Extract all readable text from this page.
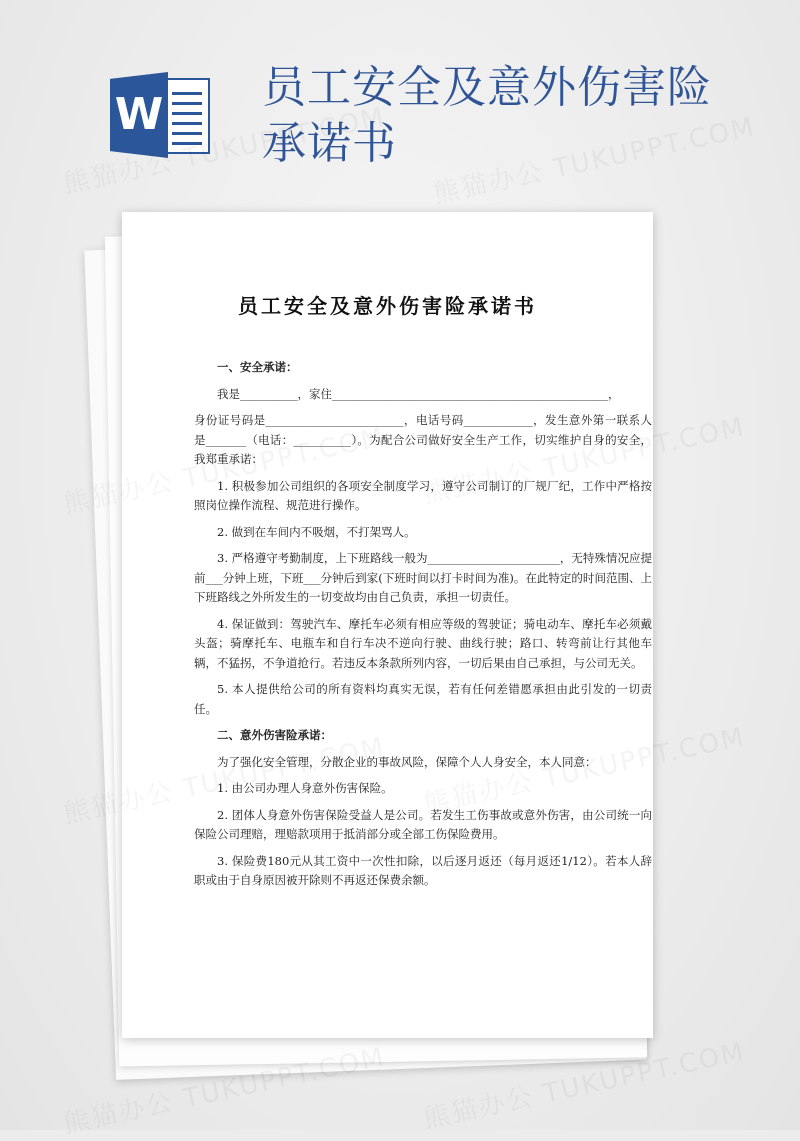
W
员工安全及意外伤害险
承诺书
员工安全及意外伤害险承诺书

一、安全承诺：

我是__________，家住________________________________________________，

身份证号码是________________________，电话号码____________，发生意外第一联系人是_______（电话：__________）。为配合公司做好安全生产工作，切实维护自身的安全，我郑重承诺：

1. 积极参加公司组织的各项安全制度学习，遵守公司制订的厂规厂纪，工作中严格按照岗位操作流程、规范进行操作。

2. 做到在车间内不吸烟，不打架骂人。

3. 严格遵守考勤制度，上下班路线一般为_______________________，无特殊情况应提前___分钟上班，下班___分钟后到家(下班时间以打卡时间为准)。在此特定的时间范围、上下班路线之外所发生的一切变故均由自己负责，承担一切责任。

4. 保证做到：驾驶汽车、摩托车必须有相应等级的驾驶证；骑电动车、摩托车必须戴头盔；骑摩托车、电瓶车和自行车决不逆向行驶、曲线行驶；路口、转弯前让行其他车辆，不猛拐，不争道抢行。若违反本条款所列内容，一切后果由自己承担，与公司无关。

5. 本人提供给公司的所有资料均真实无误，若有任何差错愿承担由此引发的一切责任。

二、意外伤害险承诺：

为了强化安全管理，分散企业的事故风险，保障个人人身安全，本人同意：

1. 由公司办理人身意外伤害保险。

2. 团体人身意外伤害保险受益人是公司。若发生工伤事故或意外伤害，由公司统一向保险公司理赔，理赔款项用于抵消部分或全部工伤保险费用。

3. 保险费180元从其工资中一次性扣除，以后逐月返还（每月返还1/12）。若本人辞职或由于自身原因被开除则不再返还保费余额。
